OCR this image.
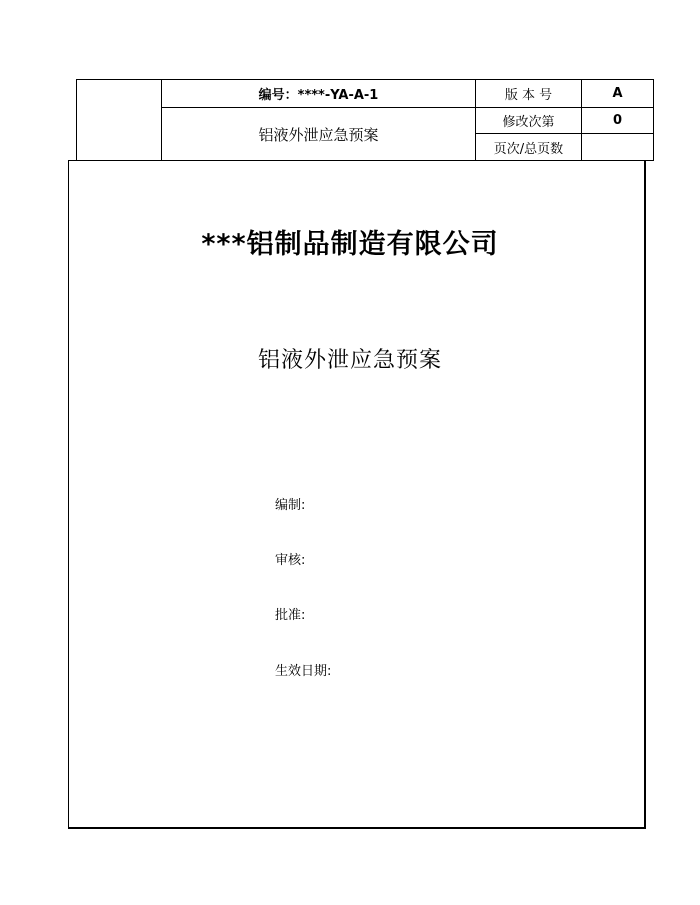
	编号：****-YA-A-1	版 本 号	A
	铝液外泄应急预案	修改次第	0
		页次/总页数	
***铝制品制造有限公司
铝液外泄应急预案
编制:
审核:
批准:
生效日期:
